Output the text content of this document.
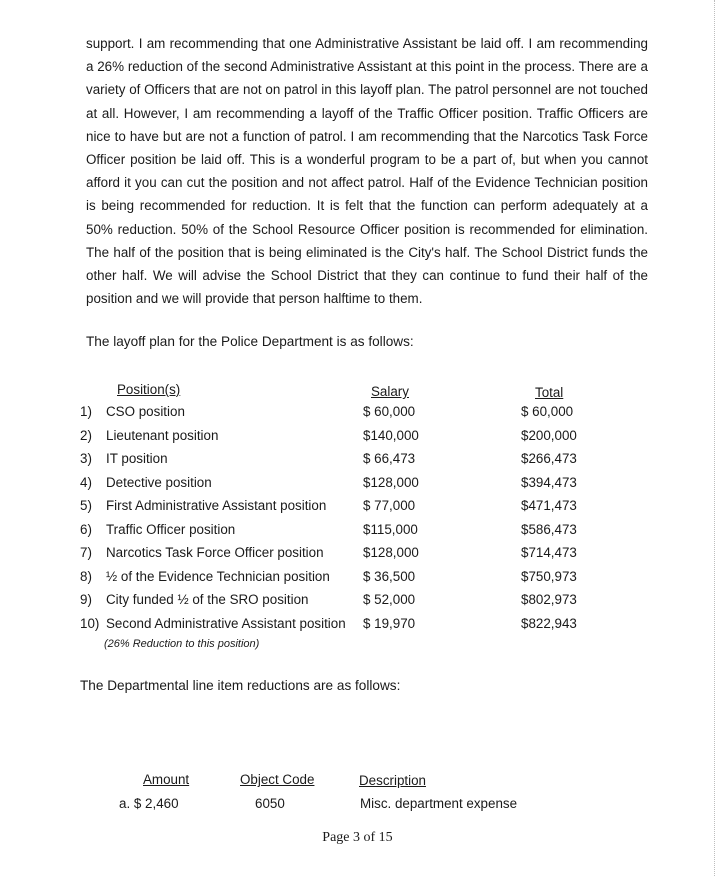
support. I am recommending that one Administrative Assistant be laid off. I am recommending a 26% reduction of the second Administrative Assistant at this point in the process. There are a variety of Officers that are not on patrol in this layoff plan. The patrol personnel are not touched at all. However, I am recommending a layoff of the Traffic Officer position. Traffic Officers are nice to have but are not a function of patrol. I am recommending that the Narcotics Task Force Officer position be laid off. This is a wonderful program to be a part of, but when you cannot afford it you can cut the position and not affect patrol. Half of the Evidence Technician position is being recommended for reduction. It is felt that the function can perform adequately at a 50% reduction. 50% of the School Resource Officer position is recommended for elimination. The half of the position that is being eliminated is the City's half. The School District funds the other half. We will advise the School District that they can continue to fund their half of the position and we will provide that person halftime to them.

The layoff plan for the Police Department is as follows:

Position(s)	Salary	Total
1)	CSO position	$ 60,000	$ 60,000
2)	Lieutenant position	$140,000	$200,000
3)	IT position	$ 66,473	$266,473
4)	Detective position	$128,000	$394,473
5)	First Administrative Assistant position	$ 77,000	$471,473
6)	Traffic Officer position	$115,000	$586,473
7)	Narcotics Task Force Officer position	$128,000	$714,473
8)	½ of the Evidence Technician position $ 36,500	$750,973
9)	City funded ½ of the SRO position	$ 52,000	$802,973
10) Second Administrative Assistant position $ 19,970	$822,943
(26% Reduction to this position)

The Departmental line item reductions are as follows:

Amount	Object Code	Description
a. $ 2,460	6050	Misc. department expense
Page 3 of 15
